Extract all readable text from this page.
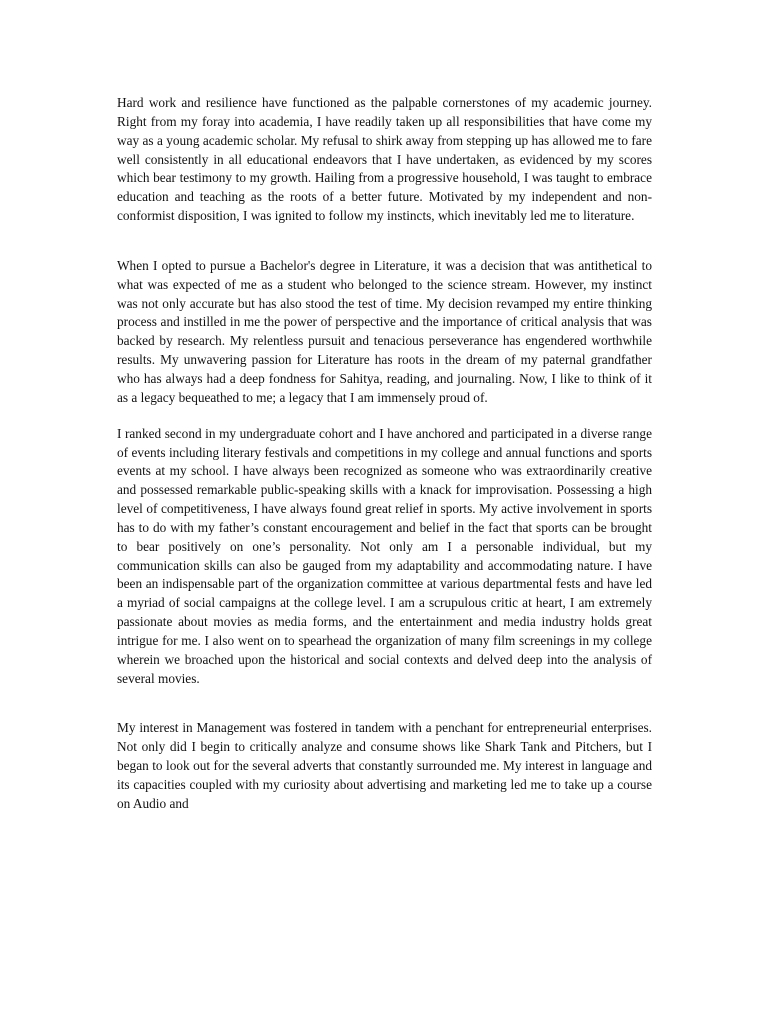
Hard work and resilience have functioned as the palpable cornerstones of my academic journey. Right from my foray into academia, I have readily taken up all responsibilities that have come my way as a young academic scholar. My refusal to shirk away from stepping up has allowed me to fare well consistently in all educational endeavors that I have undertaken, as evidenced by my scores which bear testimony to my growth. Hailing from a progressive household, I was taught to embrace education and teaching as the roots of a better future. Motivated by my independent and non-conformist disposition, I was ignited to follow my instincts, which inevitably led me to literature.

When I opted to pursue a Bachelor's degree in Literature, it was a decision that was antithetical to what was expected of me as a student who belonged to the science stream. However, my instinct was not only accurate but has also stood the test of time. My decision revamped my entire thinking process and instilled in me the power of perspective and the importance of critical analysis that was backed by research. My relentless pursuit and tenacious perseverance has engendered worthwhile results. My unwavering passion for Literature has roots in the dream of my paternal grandfather who has always had a deep fondness for Sahitya, reading, and journaling. Now, I like to think of it as a legacy bequeathed to me; a legacy that I am immensely proud of.

I ranked second in my undergraduate cohort and I have anchored and participated in a diverse range of events including literary festivals and competitions in my college and annual functions and sports events at my school. I have always been recognized as someone who was extraordinarily creative and possessed remarkable public-speaking skills with a knack for improvisation. Possessing a high level of competitiveness, I have always found great relief in sports. My active involvement in sports has to do with my father’s constant encouragement and belief in the fact that sports can be brought to bear positively on one’s personality. Not only am I a personable individual, but my communication skills can also be gauged from my adaptability and accommodating nature. I have been an indispensable part of the organization committee at various departmental fests and have led a myriad of social campaigns at the college level. I am a scrupulous critic at heart, I am extremely passionate about movies as media forms, and the entertainment and media industry holds great intrigue for me. I also went on to spearhead the organization of many film screenings in my college wherein we broached upon the historical and social contexts and delved deep into the analysis of several movies.

My interest in Management was fostered in tandem with a penchant for entrepreneurial enterprises. Not only did I begin to critically analyze and consume shows like Shark Tank and Pitchers, but I began to look out for the several adverts that constantly surrounded me. My interest in language and its capacities coupled with my curiosity about advertising and marketing led me to take up a course on Audio and
